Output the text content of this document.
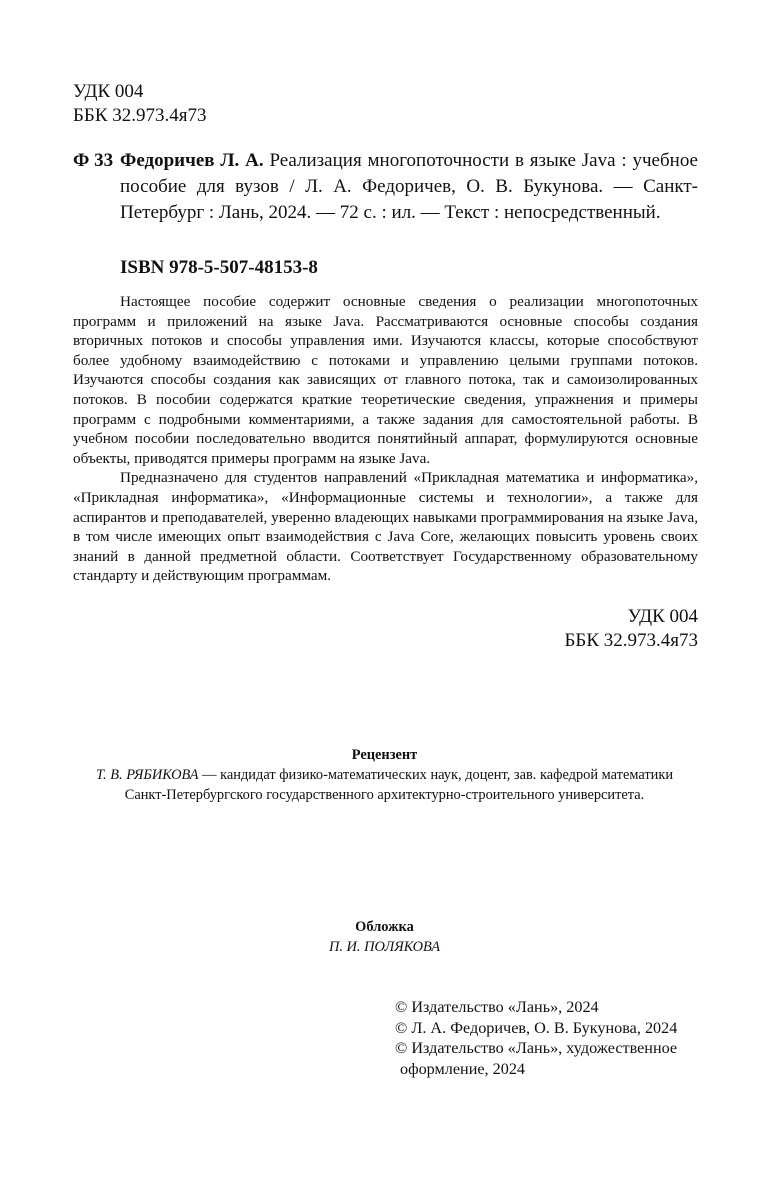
УДК 004
ББК 32.973.4я73
Ф 33 Федоричев Л. А. Реализация многопоточности в языке Java : учебное пособие для вузов / Л. А. Федоричев, О. В. Букунова. — Санкт-Петербург : Лань, 2024. — 72 с. : ил. — Текст : непосредственный.
ISBN 978-5-507-48153-8

Настоящее пособие содержит основные сведения о реализации многопоточных программ и приложений на языке Java. Рассматриваются основные способы создания вторичных потоков и способы управления ими. Изучаются классы, которые способствуют более удобному взаимодействию с потоками и управлению целыми группами потоков. Изучаются способы создания как зависящих от главного потока, так и самоизолированных потоков. В пособии содержатся краткие теоретические сведения, упражнения и примеры программ с подробными комментариями, а также задания для самостоятельной работы. В учебном пособии последовательно вводится понятийный аппарат, формулируются основные объекты, приводятся примеры программ на языке Java.

Предназначено для студентов направлений «Прикладная математика и информатика», «Прикладная информатика», «Информационные системы и технологии», а также для аспирантов и преподавателей, уверенно владеющих навыками программирования на языке Java, в том числе имеющих опыт взаимодействия с Java Core, желающих повысить уровень своих знаний в данной предметной области. Соответствует Государственному образовательному стандарту и действующим программам.

УДК 004
ББК 32.973.4я73
Рецензент
Т. В. РЯБИКОВА — кандидат физико-математических наук, доцент, зав. кафедрой математики
Санкт-Петербургского государственного архитектурно-строительного университета.
Обложка
П. И. ПОЛЯКОВА
© Издательство «Лань», 2024
© Л. А. Федоричев, О. В. Букунова, 2024
© Издательство «Лань», художественное
оформление, 2024
